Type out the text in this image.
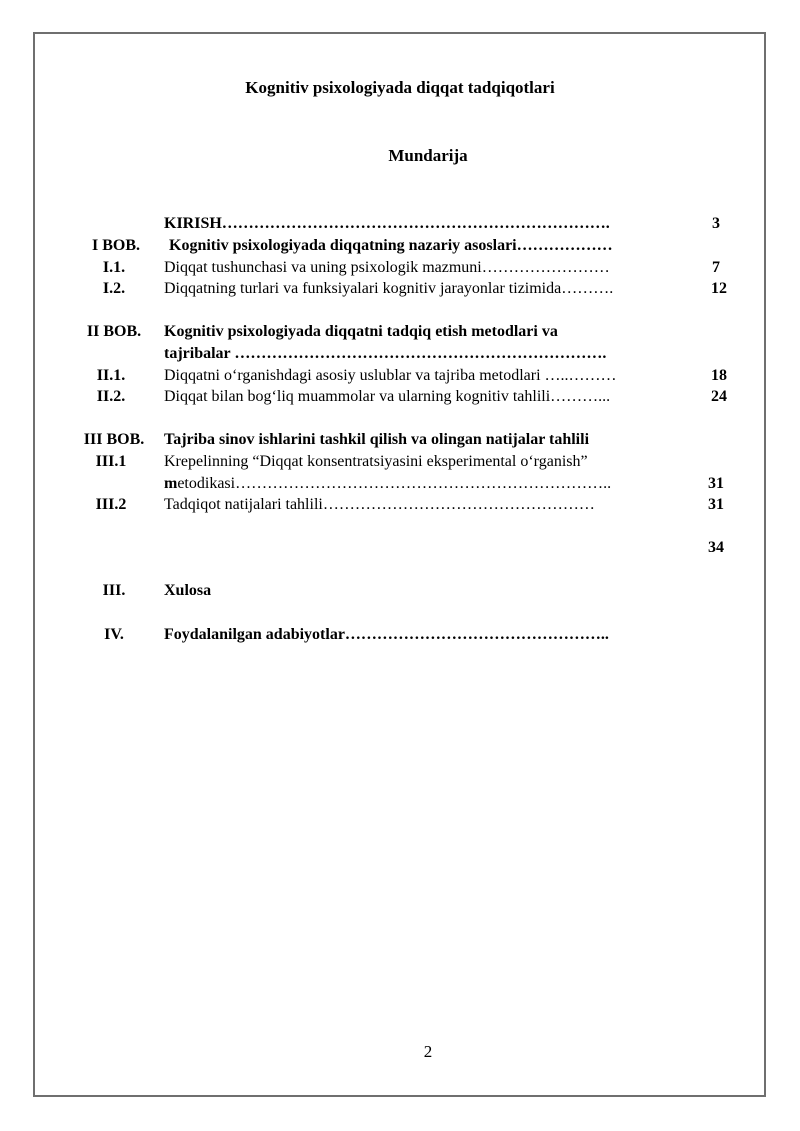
Kognitiv psixologiyada diqqat tadqiqotlari
Mundarija
KIRISH……………………………………………………………….	3
I BOB.	Kognitiv psixologiyada diqqatning nazariy asoslari………………
I.1.	Diqqat tushunchasi va uning psixologik mazmuni……………………	7
I.2.	Diqqatning turlari va funksiyalari kognitiv jarayonlar tizimida……….	12
II BOB.	Kognitiv psixologiyada diqqatni tadqiq etish metodlari va
tajribalar …………………………………………………………….
II.1.	Diqqatni o‘rganishdagi asosiy uslublar va tajriba metodlari …..………	18
II.2.	Diqqat bilan bog‘liq muammolar va ularning kognitiv tahlili………...	24
III BOB.	Tajriba sinov ishlarini tashkil qilish va olingan natijalar tahlili
III.1	Krepelinning “Diqqat konsentratsiyasini eksperimental o‘rganish”
metodikasi……………………………………………………………..	31
III.2	Tadqiqot natijalari tahlili……………………………………………	31
34
III.	Xulosa
IV.	Foydalanilgan adabiyotlar…………………………………………..
2
